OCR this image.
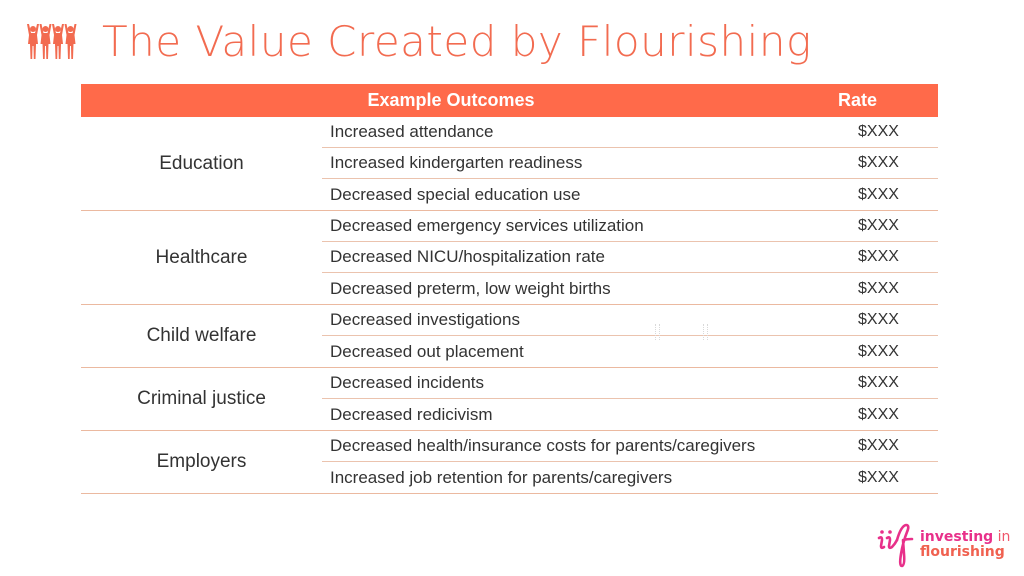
The Value Created by Flourishing
Example Outcomes	Rate
Education
Increased attendance	$XXX
Increased kindergarten readiness	$XXX
Decreased special education use	$XXX
Healthcare
Decreased emergency services utilization	$XXX
Decreased NICU/hospitalization rate	$XXX
Decreased preterm, low weight births	$XXX
Child welfare
Decreased investigations	$XXX
Decreased out placement	$XXX
Criminal justice
Decreased incidents	$XXX
Decreased redicivism	$XXX
Employers
Decreased health/insurance costs for parents/caregivers	$XXX
Increased job retention for parents/caregivers	$XXX
investing in
flourishing
